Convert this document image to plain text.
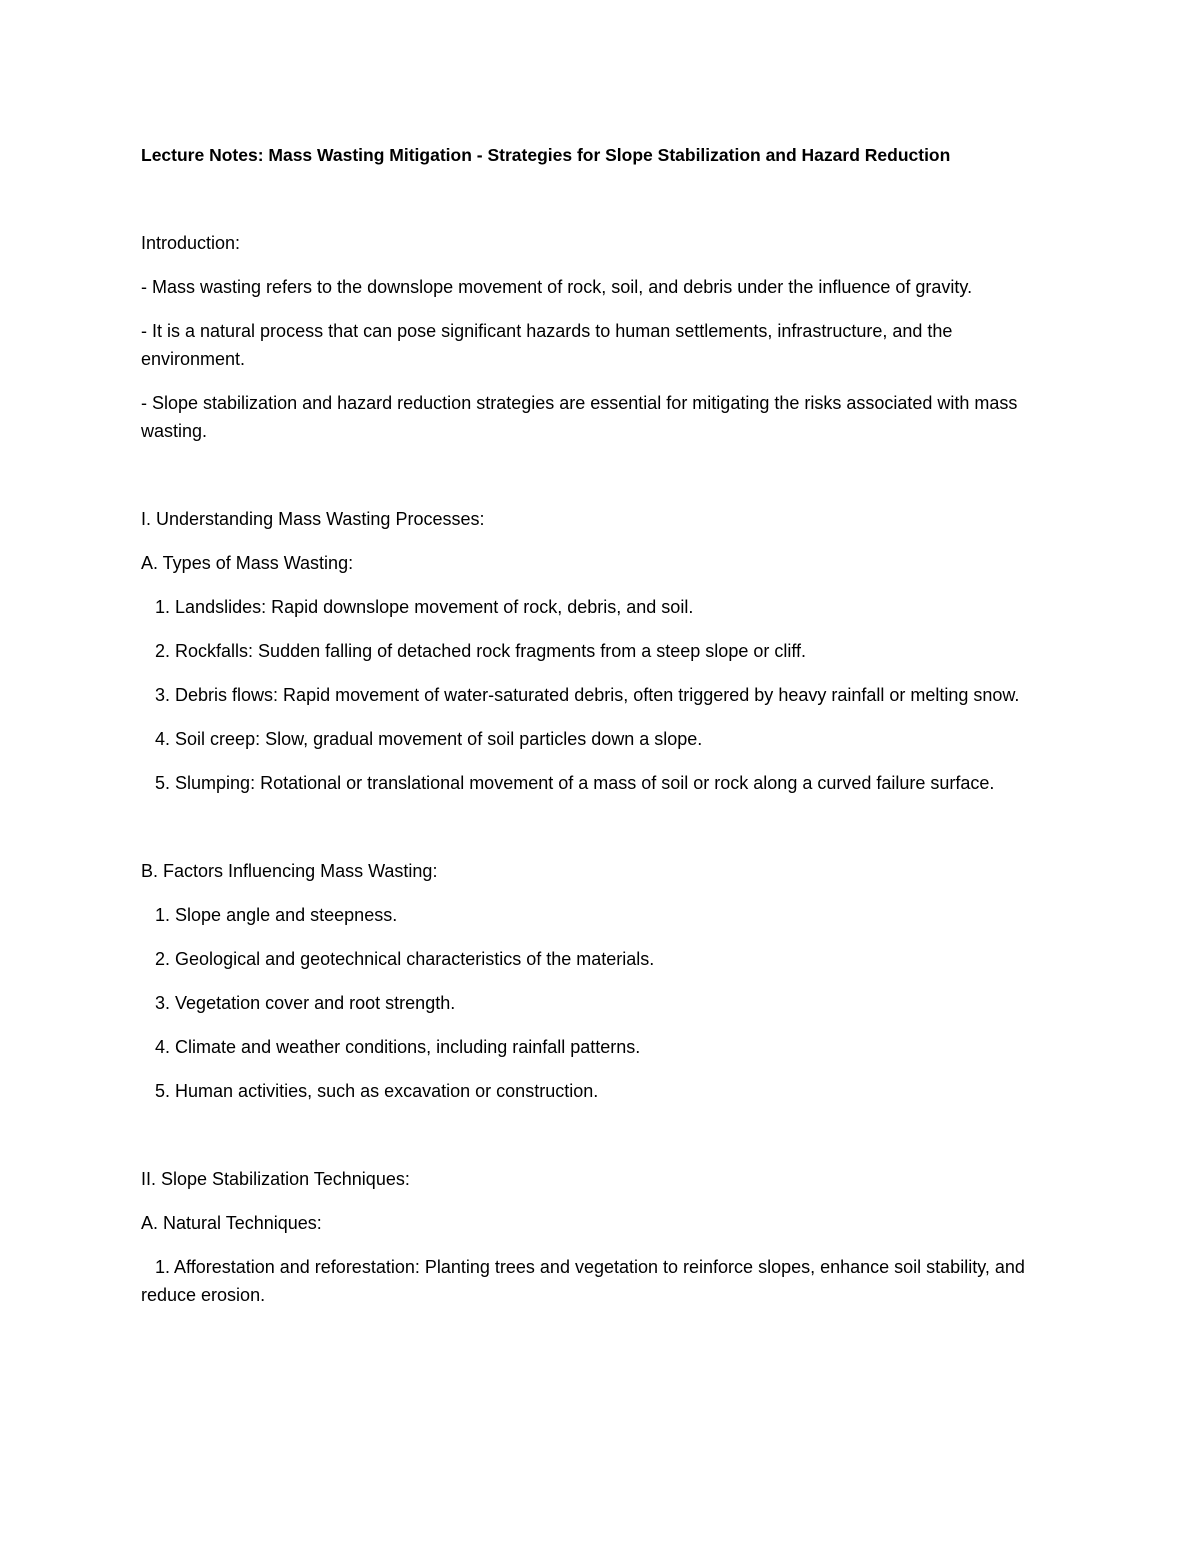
Lecture Notes: Mass Wasting Mitigation - Strategies for Slope Stabilization and Hazard Reduction

Introduction:

- Mass wasting refers to the downslope movement of rock, soil, and debris under the influence of gravity.

- It is a natural process that can pose significant hazards to human settlements, infrastructure, and the environment.

- Slope stabilization and hazard reduction strategies are essential for mitigating the risks associated with mass wasting.

I. Understanding Mass Wasting Processes:

A. Types of Mass Wasting:

1. Landslides: Rapid downslope movement of rock, debris, and soil.

2. Rockfalls: Sudden falling of detached rock fragments from a steep slope or cliff.

3. Debris flows: Rapid movement of water-saturated debris, often triggered by heavy rainfall or melting snow.

4. Soil creep: Slow, gradual movement of soil particles down a slope.

5. Slumping: Rotational or translational movement of a mass of soil or rock along a curved failure surface.

B. Factors Influencing Mass Wasting:

1. Slope angle and steepness.

2. Geological and geotechnical characteristics of the materials.

3. Vegetation cover and root strength.

4. Climate and weather conditions, including rainfall patterns.

5. Human activities, such as excavation or construction.

II. Slope Stabilization Techniques:

A. Natural Techniques:

1. Afforestation and reforestation: Planting trees and vegetation to reinforce slopes, enhance soil stability, and reduce erosion.
